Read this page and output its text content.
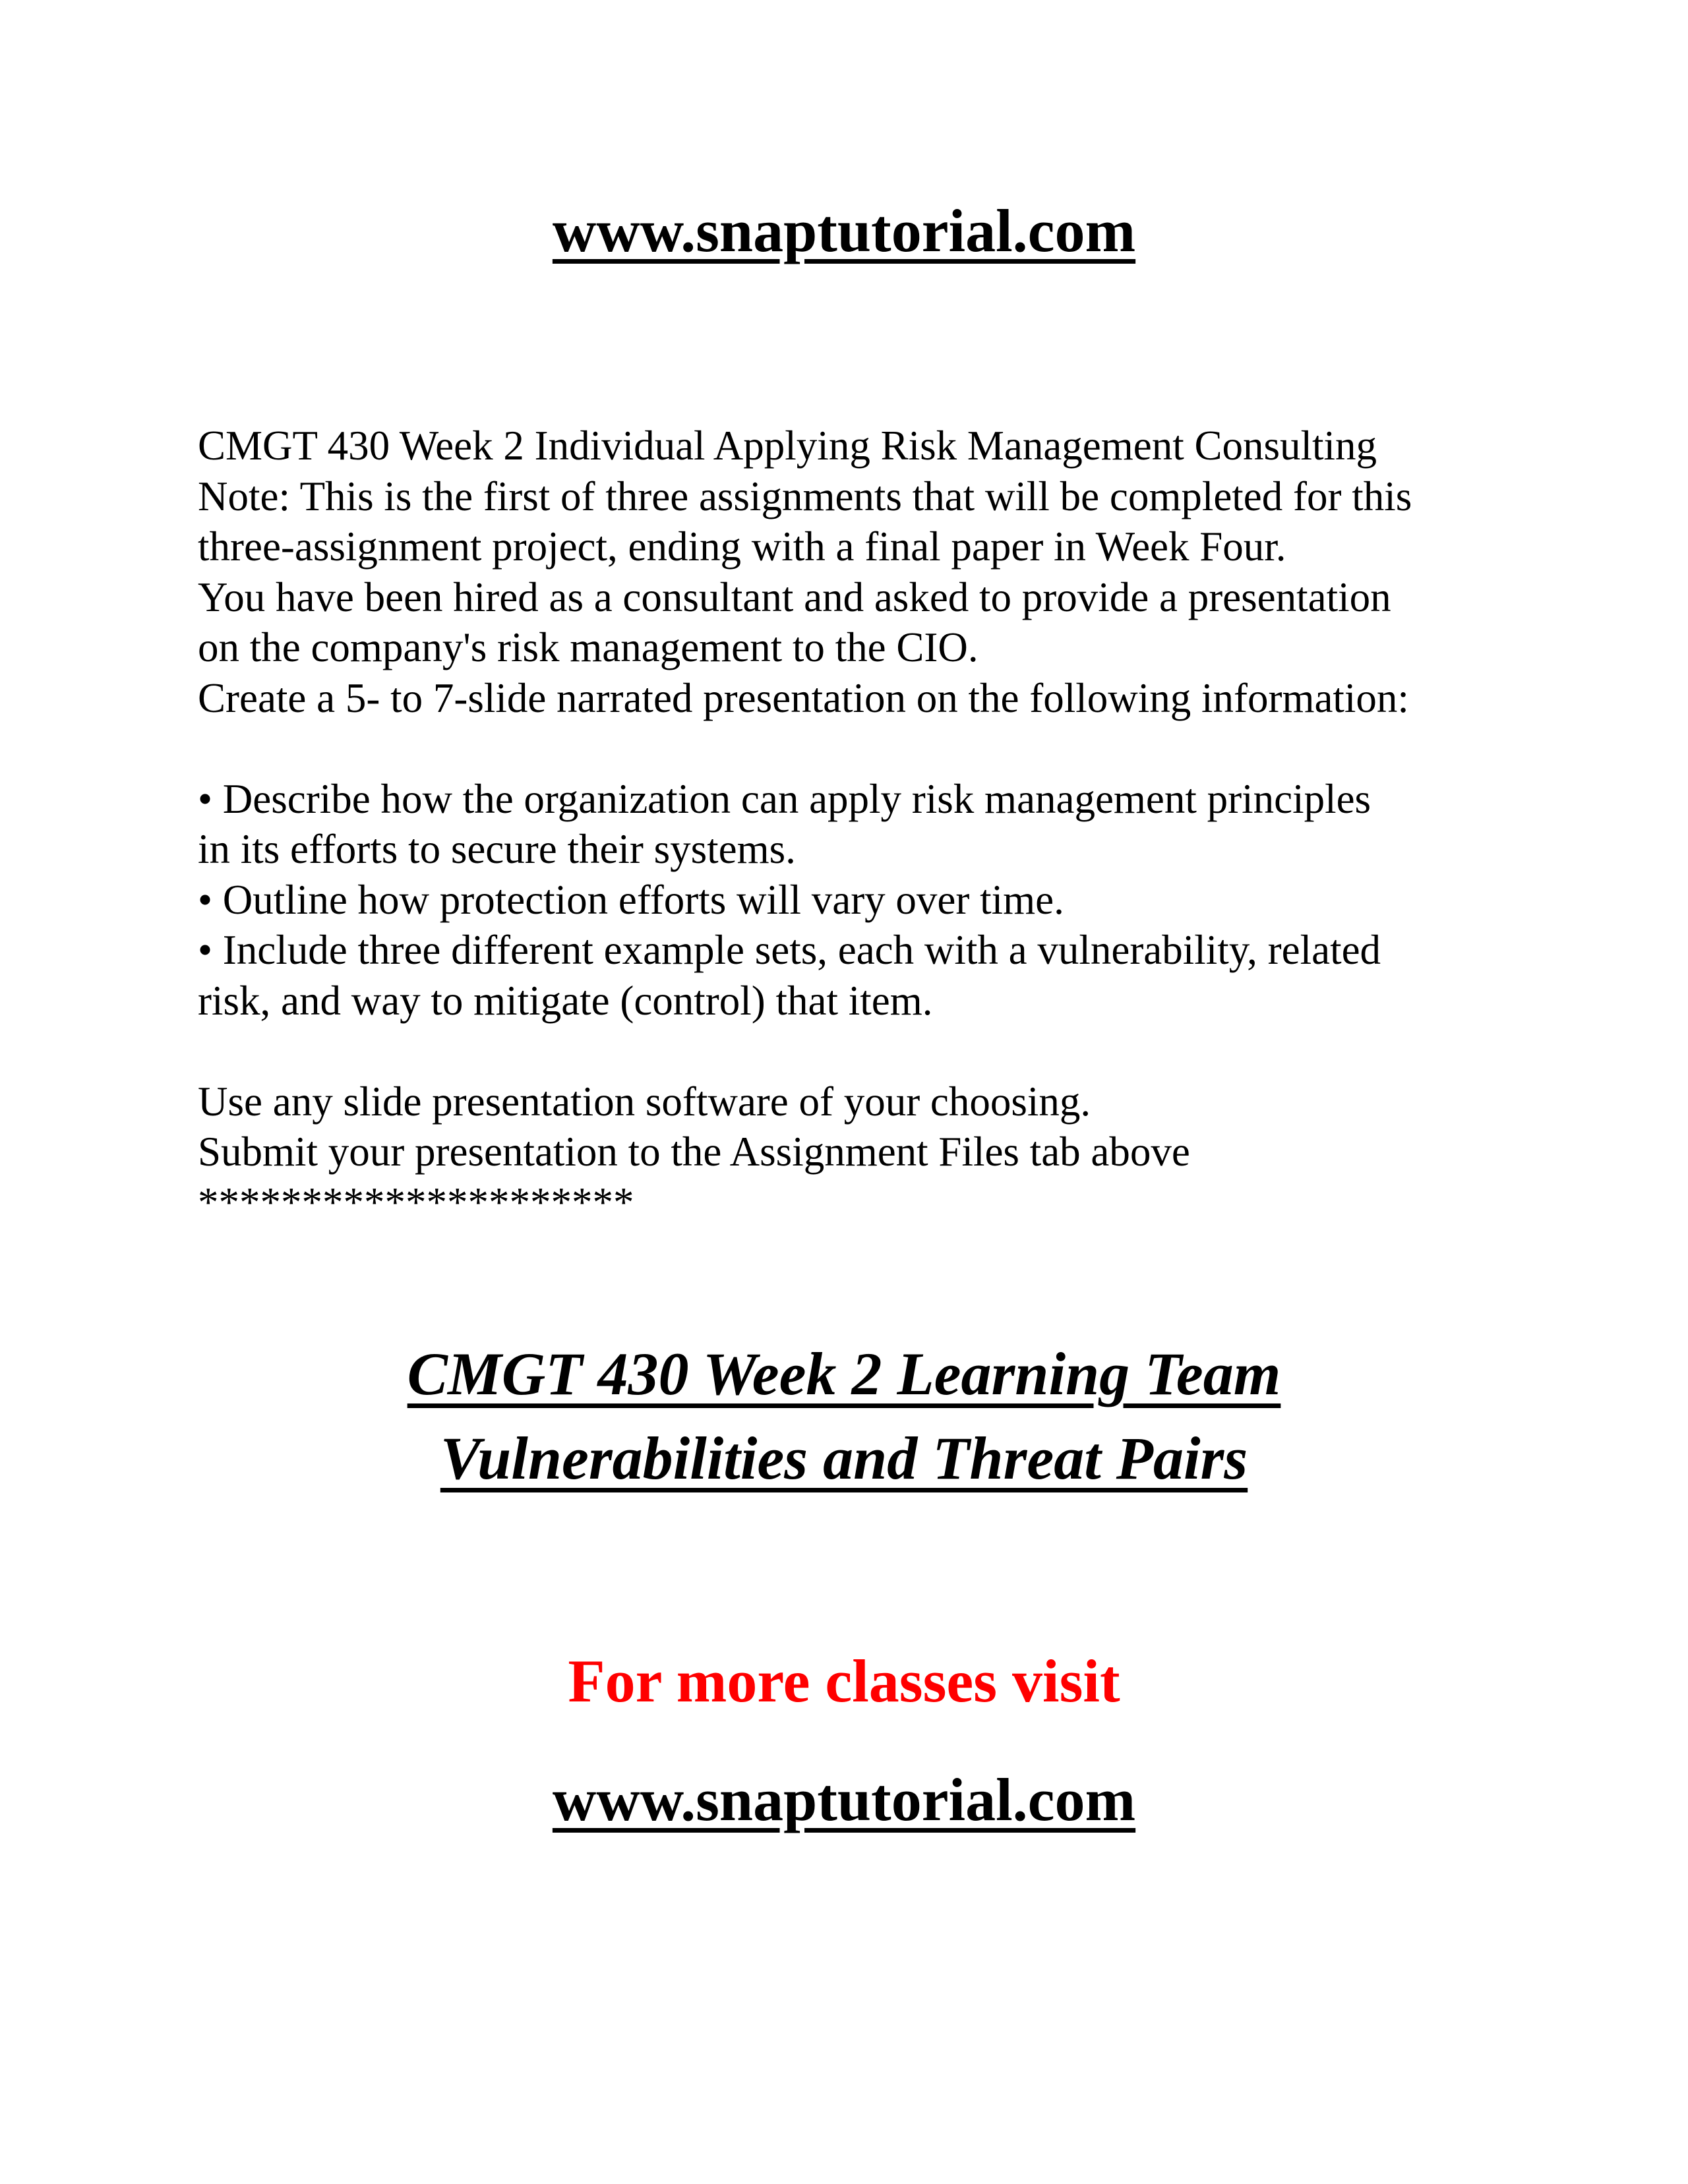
www.snaptutorial.com
CMGT 430 Week 2 Individual Applying Risk Management Consulting
Note: This is the first of three assignments that will be completed for this
three-assignment project, ending with a final paper in Week Four.
You have been hired as a consultant and asked to provide a presentation
on the company's risk management to the CIO.
Create a 5- to 7-slide narrated presentation on the following information:
• Describe how the organization can apply risk management principles
in its efforts to secure their systems.
• Outline how protection efforts will vary over time.
• Include three different example sets, each with a vulnerability, related
risk, and way to mitigate (control) that item.
Use any slide presentation software of your choosing.
Submit your presentation to the Assignment Files tab above
*********************
CMGT 430 Week 2 Learning Team
Vulnerabilities and Threat Pairs
For more classes visit
www.snaptutorial.com
